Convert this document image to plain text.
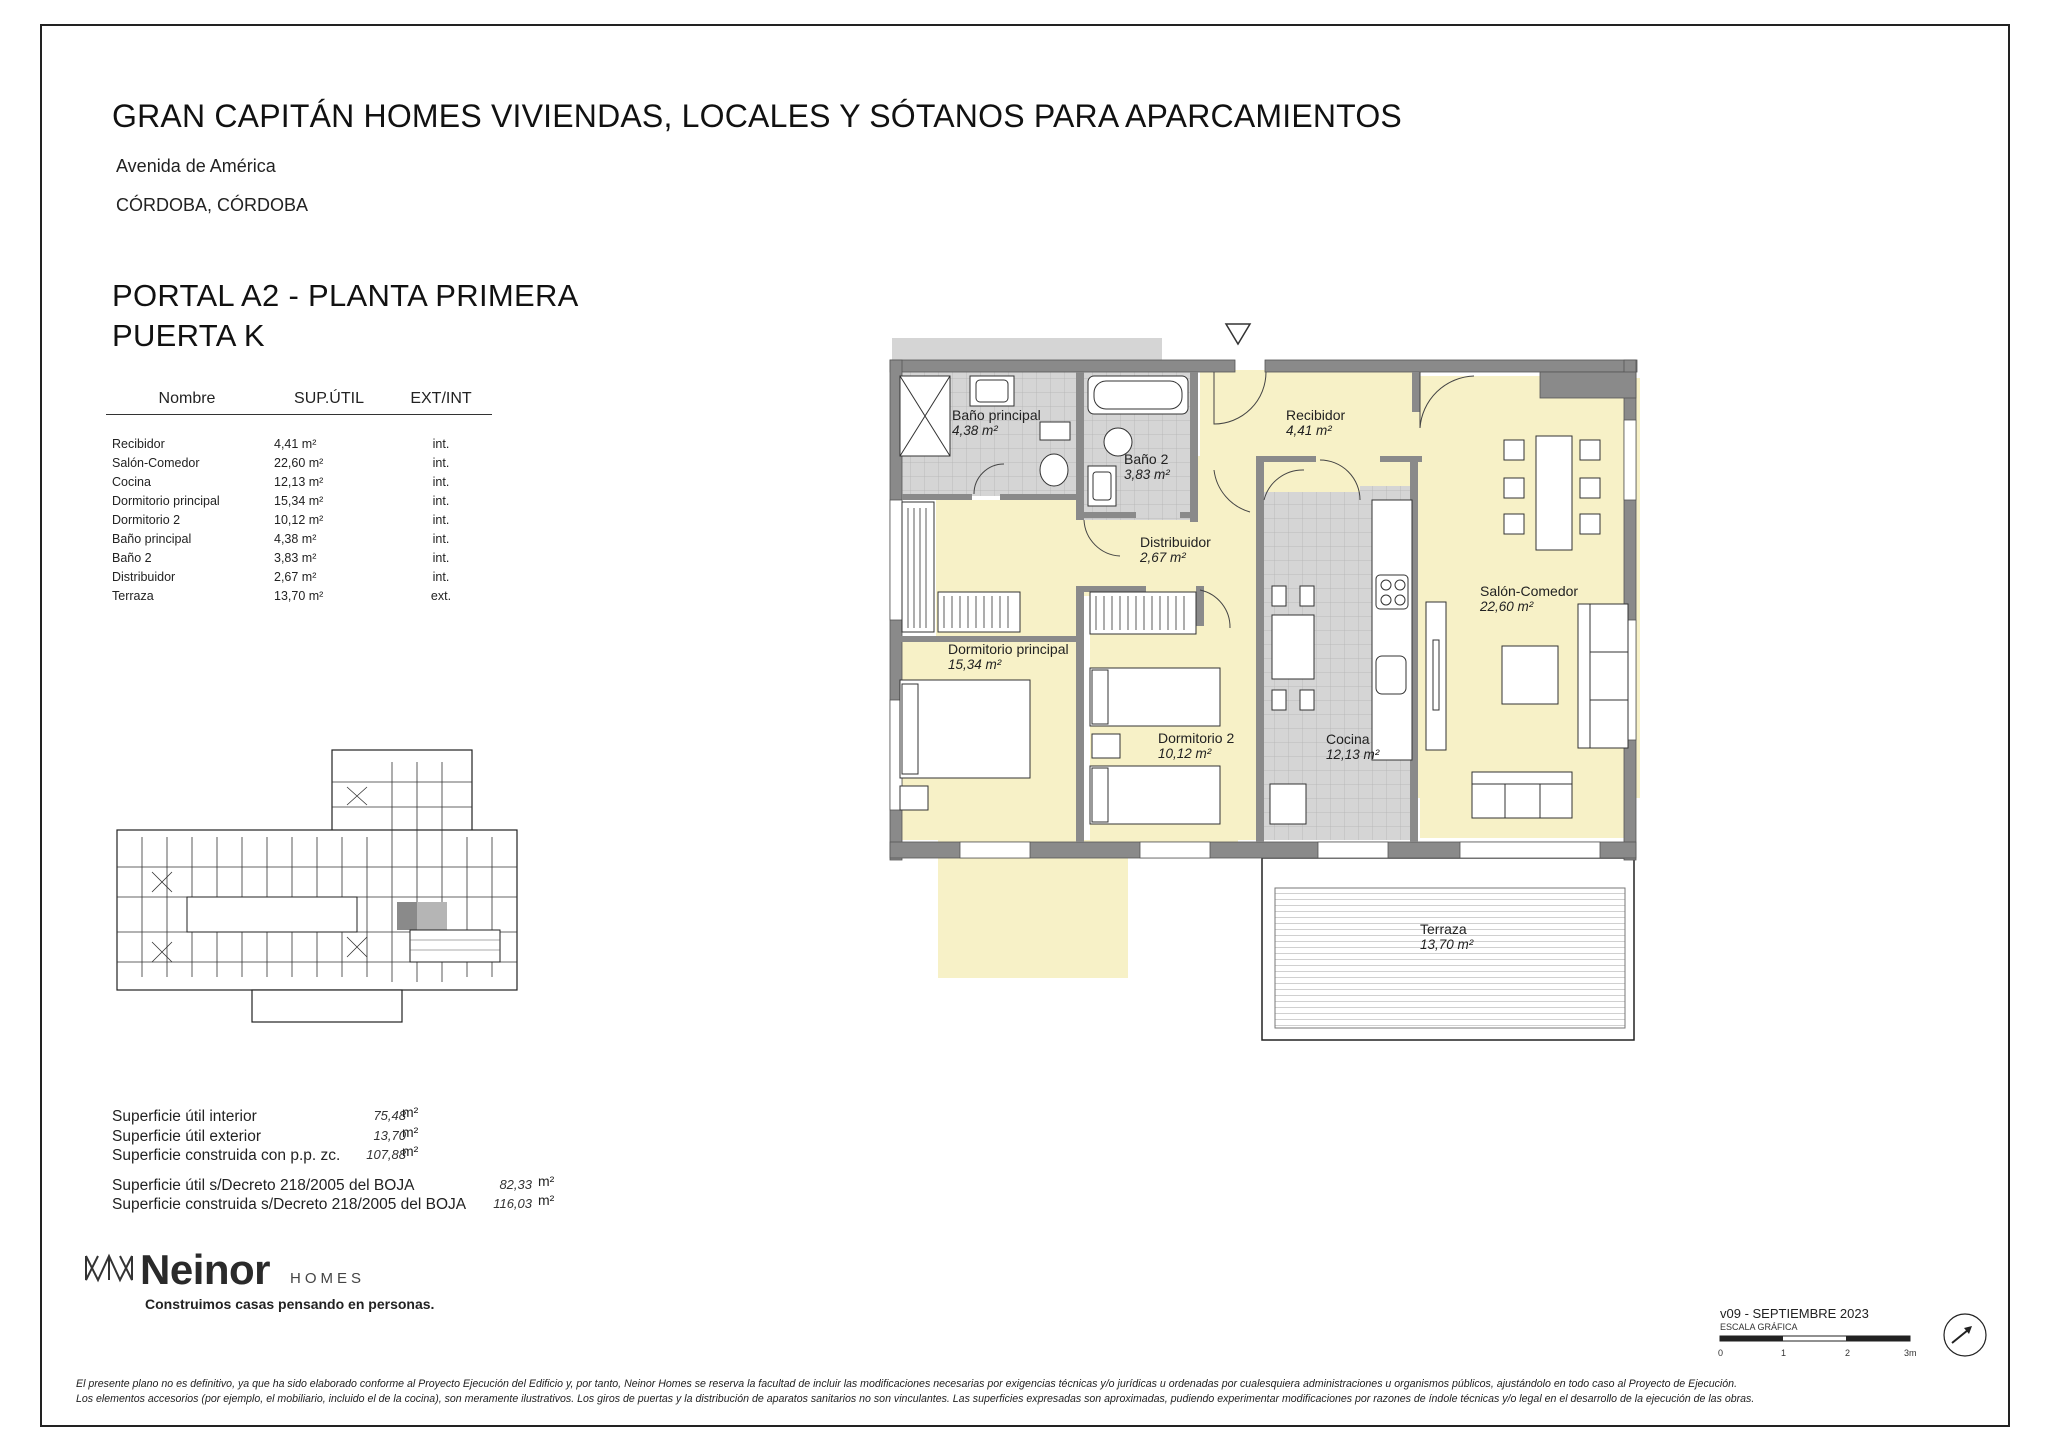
GRAN CAPITÁN HOMES VIVIENDAS, LOCALES Y SÓTANOS PARA APARCAMIENTOS
Avenida de América
CÓRDOBA, CÓRDOBA
PORTAL A2 - PLANTA PRIMERA
PUERTA K
Nombre	SUP.ÚTIL	EXT/INT

Recibidor	4,41 m²	int.
Salón-Comedor	22,60 m²	int.
Cocina	12,13 m²	int.
Dormitorio principal	15,34 m²	int.
Dormitorio 2	10,12 m²	int.
Baño principal	4,38 m²	int.
Baño 2	3,83 m²	int.
Distribuidor	2,67 m²	int.
Terraza	13,70 m²	ext.
Baño principal
4,38 m²
Baño 2
3,83 m²
Recibidor
4,41 m²
Distribuidor
2,67 m²
Dormitorio principal
15,34 m²
Dormitorio 2
10,12 m²
Cocina
12,13 m²
Salón-Comedor
22,60 m²
Terraza
13,70 m²
Superficie útil interior	75,48
m²
Superficie útil exterior	13,70
m²
Superficie construida con p.p. zc.	107,88
m²
Superficie útil s/Decreto 218/2005 del BOJA	82,33 m²
Superficie construida s/Decreto 218/2005 del BOJA	116,03 m²
Neinor HOMES
Construimos casas pensando en personas.
v09 - SEPTIEMBRE 2023
ESCALA GRÁFICA
0	1	2	3m
El presente plano no es definitivo, ya que ha sido elaborado conforme al Proyecto Ejecución del Edificio y, por tanto, Neinor Homes se reserva la facultad de incluir las modificaciones necesarias por exigencias técnicas y/o jurídicas u ordenadas por cualesquiera administraciones u organismos públicos, ajustándolo en todo caso al Proyecto de Ejecución.
Los elementos accesorios (por ejemplo, el mobiliario, incluido el de la cocina), son meramente ilustrativos. Los giros de puertas y la distribución de aparatos sanitarios no son vinculantes. Las superficies expresadas son aproximadas, pudiendo experimentar modificaciones por razones de índole técnicas y/o legal en el desarrollo de la ejecución de las obras.
